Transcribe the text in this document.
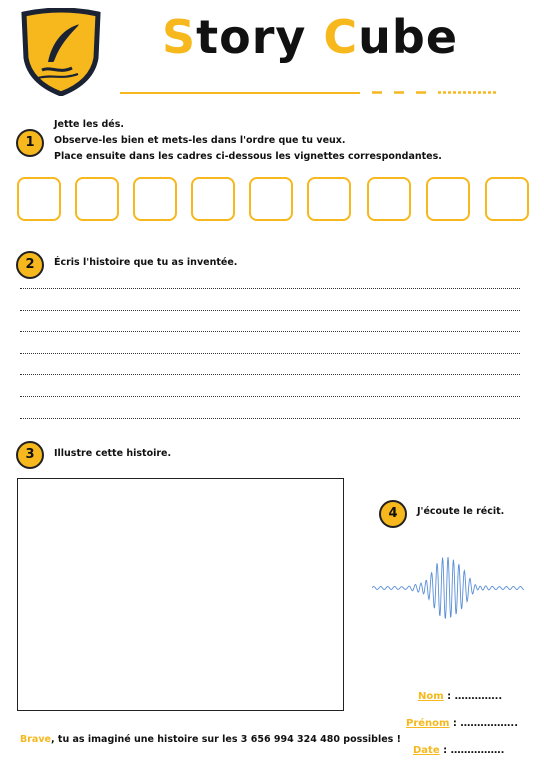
Story Cube
1
Jette les dés.
Observe-les bien et mets-les dans l'ordre que tu veux.
Place ensuite dans les cadres ci-dessous les vignettes correspondantes.
2	Écris l'histoire que tu as inventée.
3	Illustre cette histoire.
4	J'écoute le récit.
Nom : …………..
Prénom : ……………..
Date : …………….
Brave, tu as imaginé une histoire sur les 3 656 994 324 480 possibles !
